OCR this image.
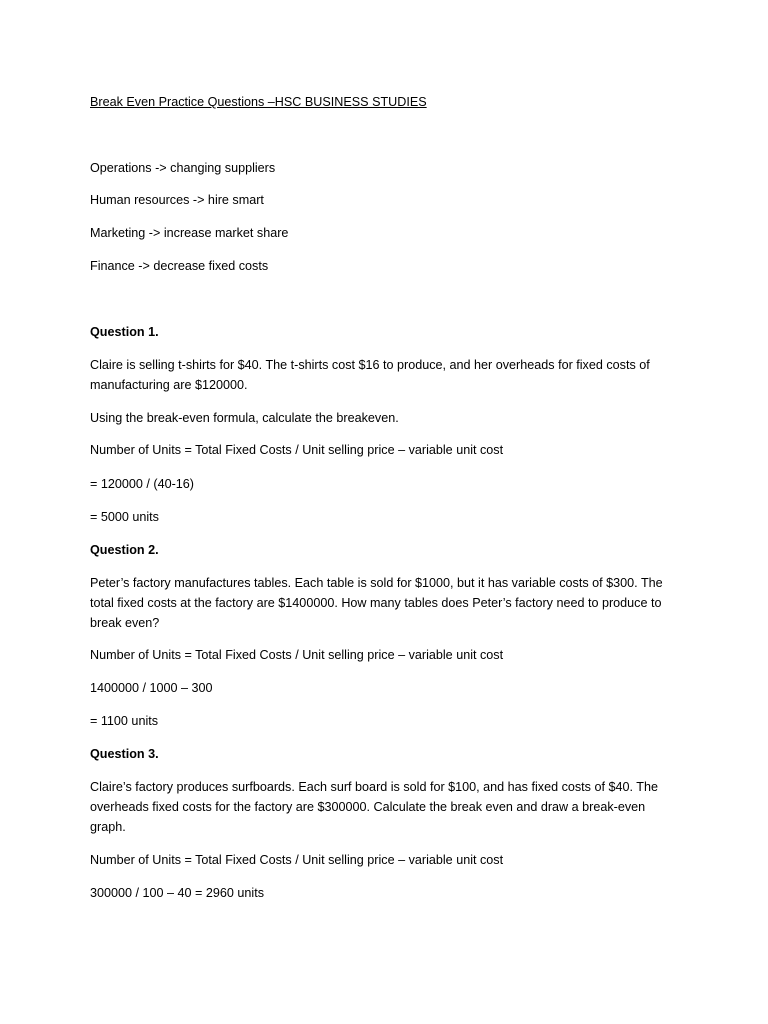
Break Even Practice Questions –HSC BUSINESS STUDIES

Operations -> changing suppliers

Human resources -> hire smart

Marketing -> increase market share

Finance -> decrease fixed costs

Question 1.

Claire is selling t-shirts for $40. The t-shirts cost $16 to produce, and her overheads for fixed costs of
manufacturing are $120000.

Using the break-even formula, calculate the breakeven.

Number of Units = Total Fixed Costs / Unit selling price – variable unit cost

= 120000 / (40-16)

= 5000 units

Question 2.

Peter’s factory manufactures tables. Each table is sold for $1000, but it has variable costs of $300. The
total fixed costs at the factory are $1400000. How many tables does Peter’s factory need to produce to
break even?

Number of Units = Total Fixed Costs / Unit selling price – variable unit cost

1400000 / 1000 – 300

= 1100 units

Question 3.

Claire’s factory produces surfboards. Each surf board is sold for $100, and has fixed costs of $40. The
overheads fixed costs for the factory are $300000. Calculate the break even and draw a break-even
graph.

Number of Units = Total Fixed Costs / Unit selling price – variable unit cost

300000 / 100 – 40 = 2960 units
